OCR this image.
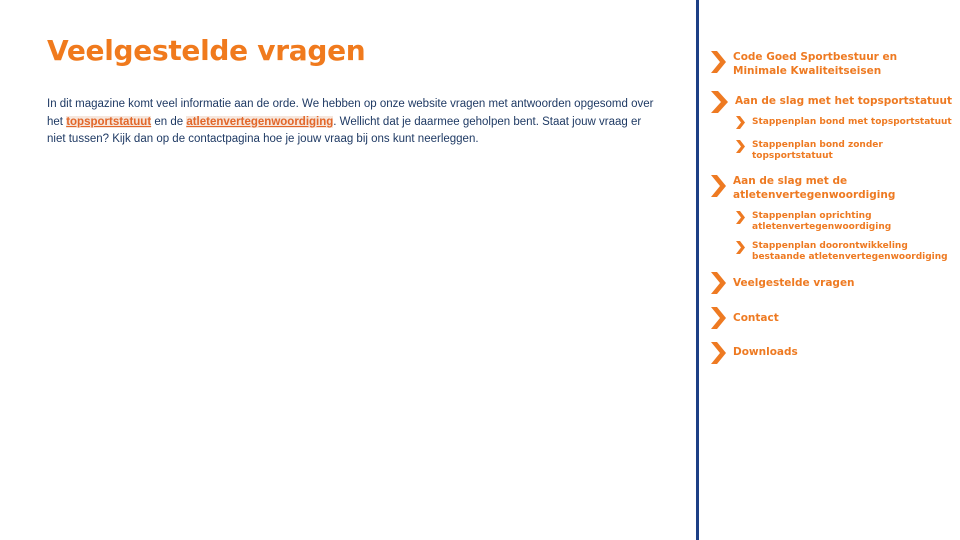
Veelgestelde vragen

In dit magazine komt veel informatie aan de orde. We hebben op onze website vragen met antwoorden opgesomd over het topsportstatuut en de atletenvertegenwoordiging. Wellicht dat je daarmee geholpen bent. Staat jouw vraag er niet tussen? Kijk dan op de contactpagina hoe je jouw vraag bij ons kunt neerleggen.

Code Goed Sportbestuur en
Minimale Kwaliteitseisen
Aan de slag met het topsportstatuut
Stappenplan bond met topsportstatuut
Stappenplan bond zonder
topsportstatuut
Aan de slag met de
atletenvertegenwoordiging
Stappenplan oprichting
atletenvertegenwoordiging
Stappenplan doorontwikkeling
bestaande atletenvertegenwoordiging
Veelgestelde vragen
Contact
Downloads
